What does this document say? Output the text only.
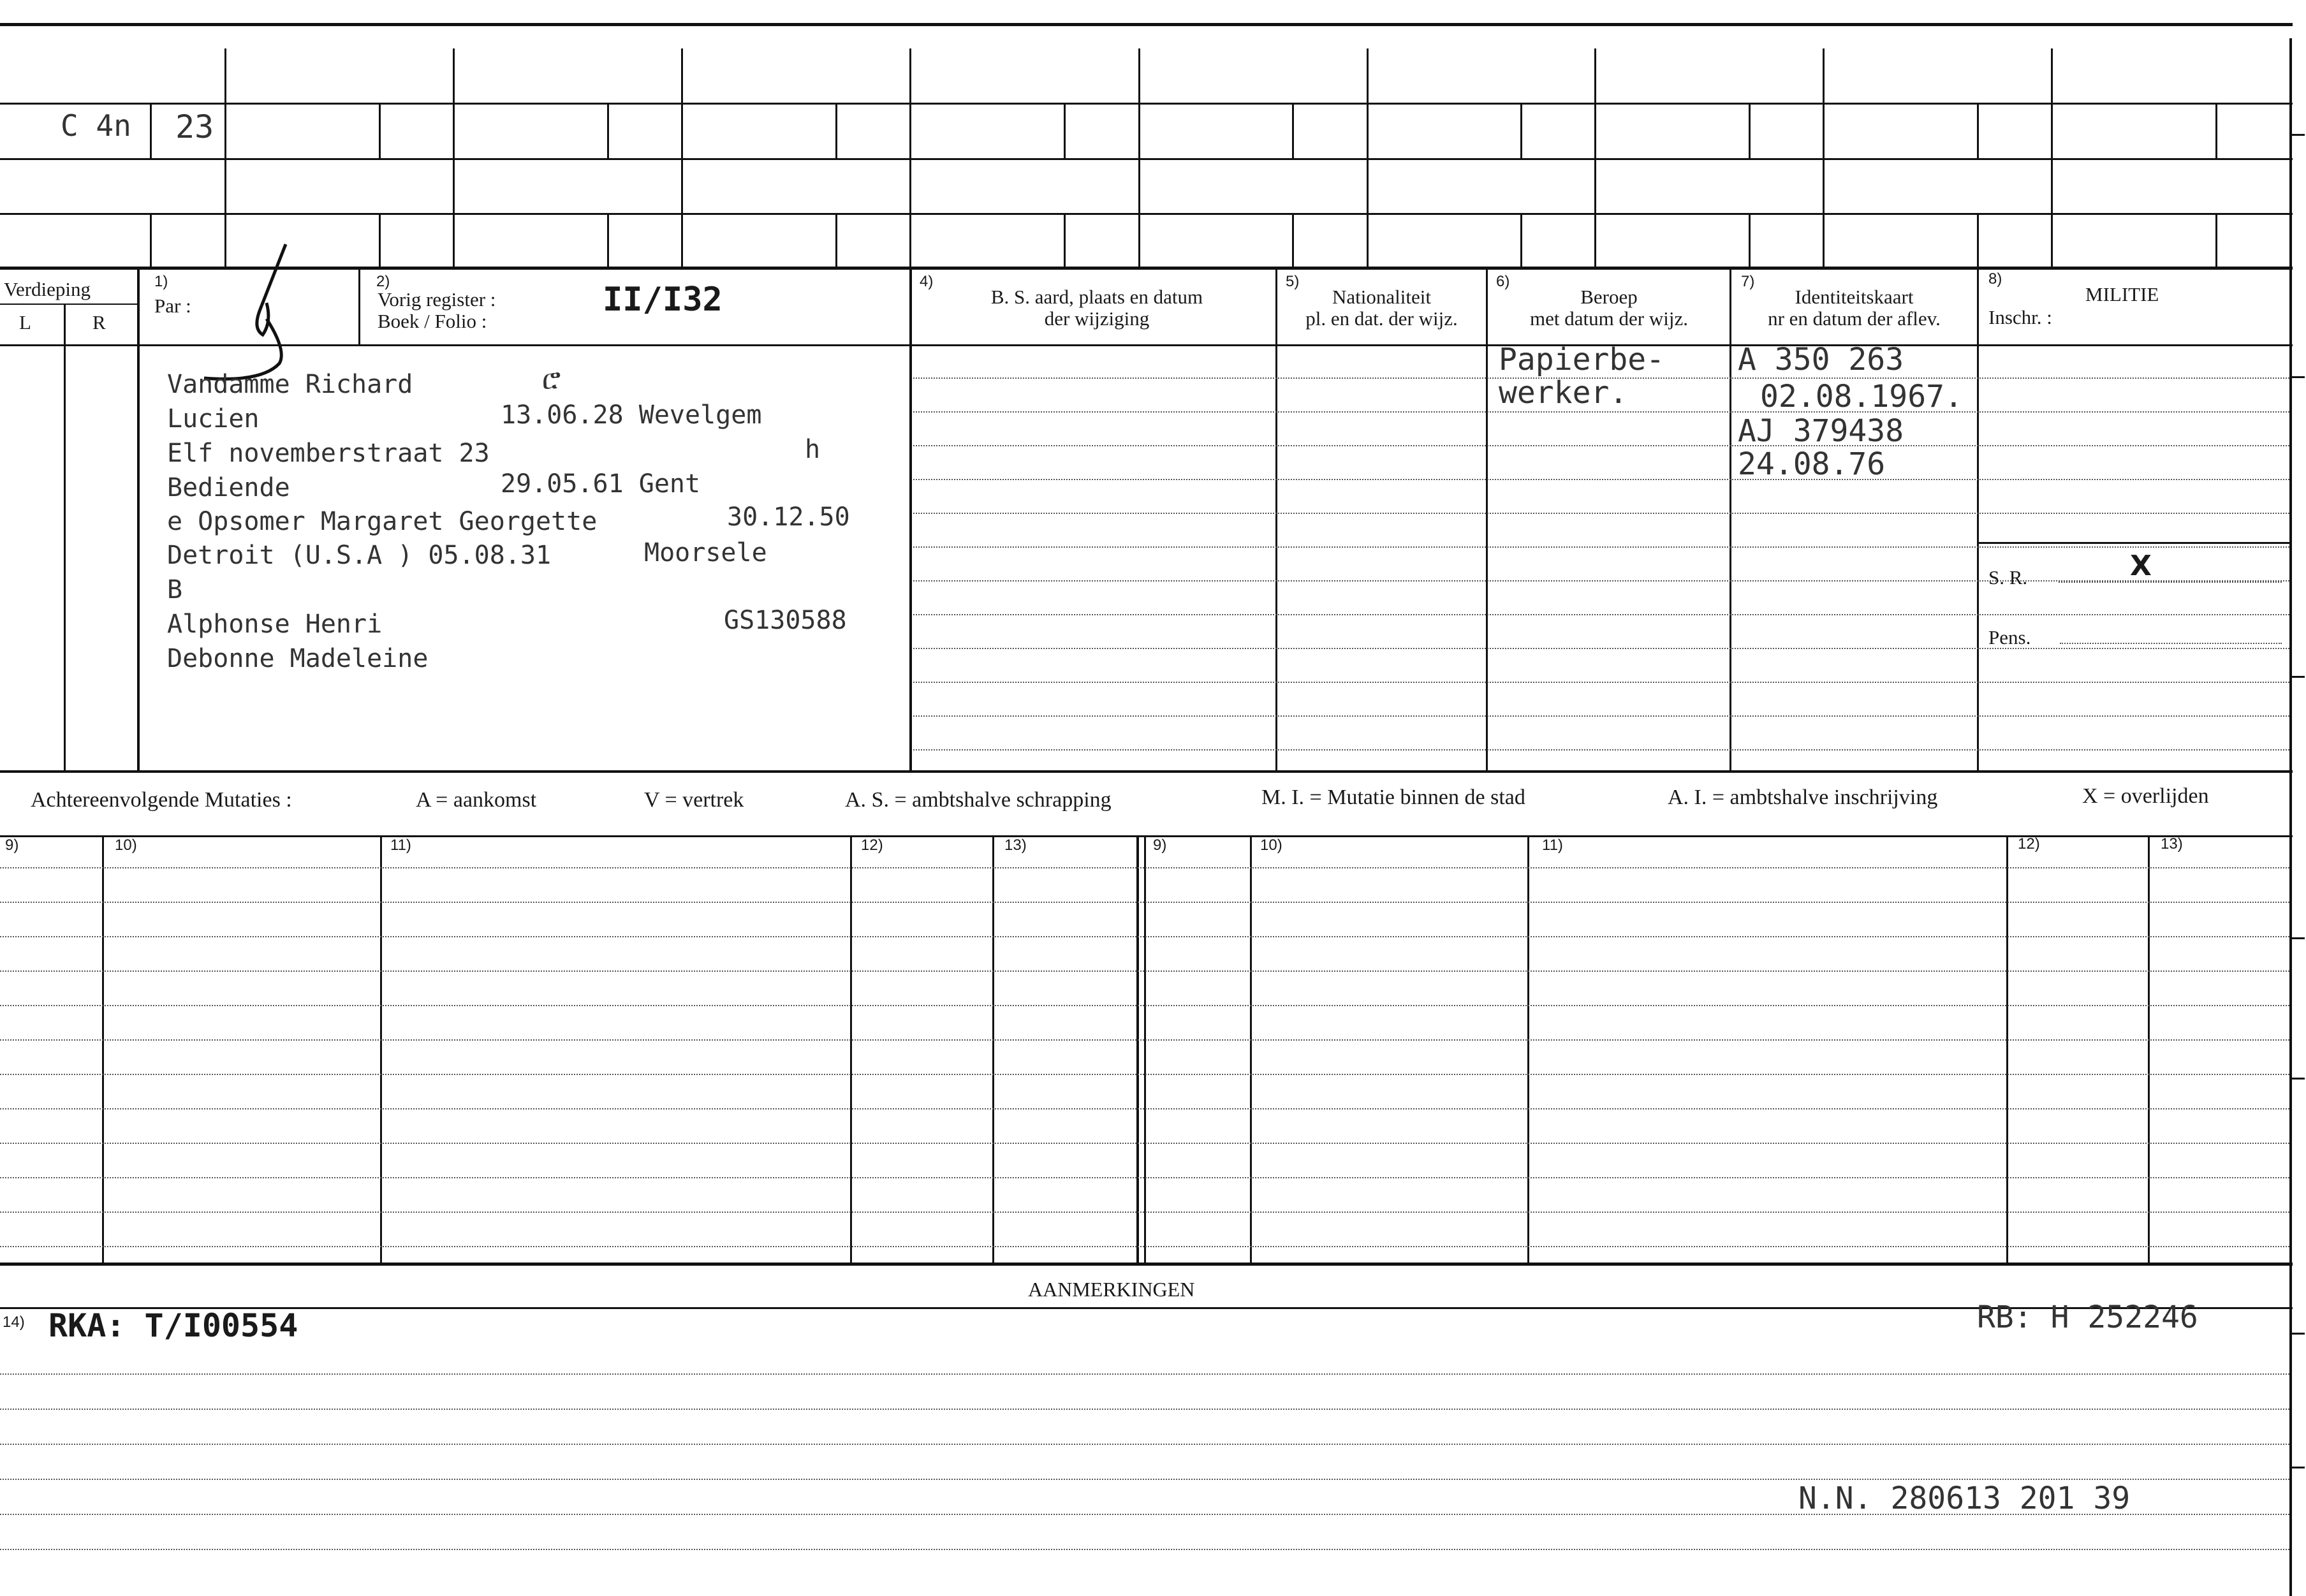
C 4n 23
Verdieping
L	R
1)
Par :
2)
Vorig register :
Boek / Folio :
II/I32	4)
B. S. aard, plaats en datum
der wijziging
5)
Nationaliteit
pl. en dat. der wijz.
6)
Beroep
met datum der wijz.
7)
Identiteitskaart
nr en datum der aflev.
8)
MILITIE
Inschr. :
Vandamme Richard	ሮ
Lucien	13.06.28 Wevelgem
Elf novemberstraat 23	h
Bediende	29.05.61 Gent
e Opsomer Margaret Georgette	30.12.50
Detroit (U.S.A ) 05.08.31	Moorsele
B
Alphonse Henri	GS130588
Debonne Madeleine
Papierbe-
werker.
A 350 263
02.08.1967.
AJ 379438
24.08.76
S. R.	X
Pens.
Achtereenvolgende Mutaties :	A = aankomst	V = vertrek	A. S. = ambtshalve schrapping	M. I. = Mutatie binnen de stad	A. I. = ambtshalve inschrijving	X = overlijden
9)	10)	11)	12)	13)	9)	10)	11)	12)	13)
AANMERKINGEN
14) RKA: T/I00554	RB: H 252246
N.N. 280613 201 39
